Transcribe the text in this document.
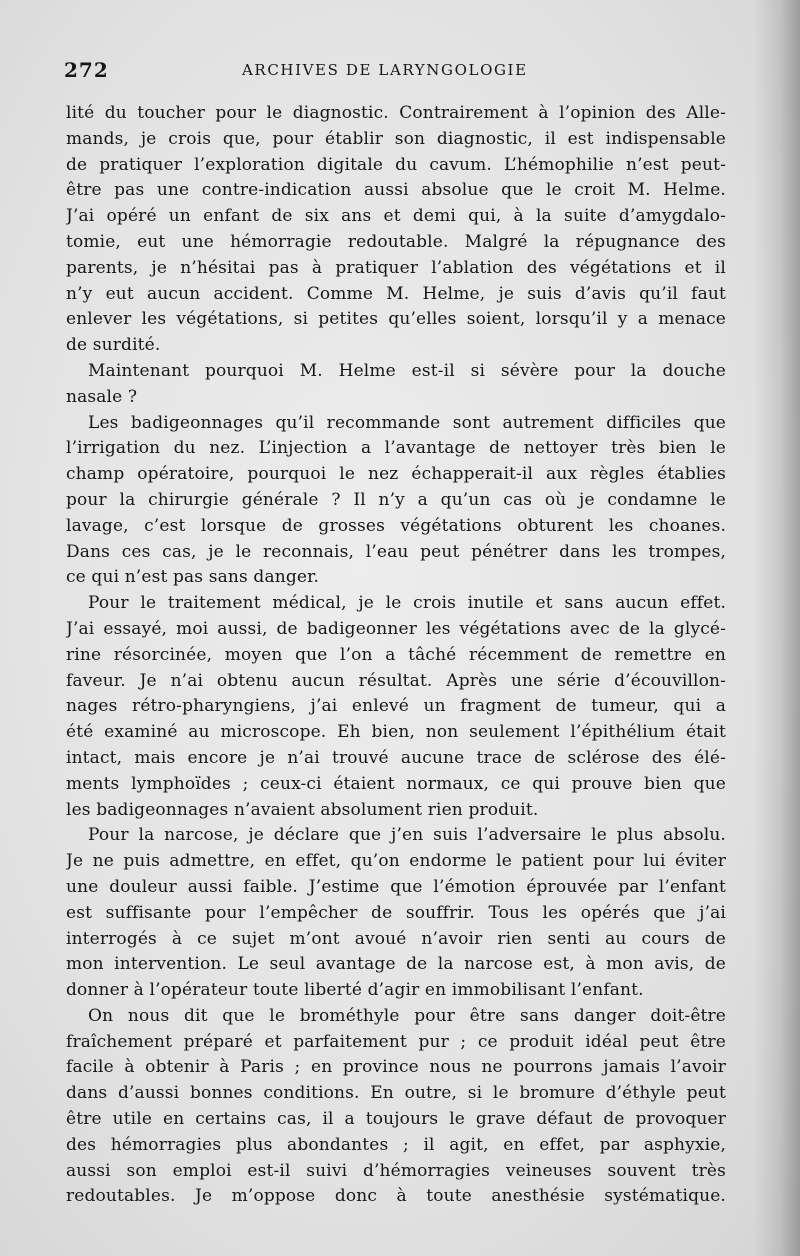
272	ARCHIVES DE LARYNGOLOGIE
lité du toucher pour le diagnostic. Contrairement à l’opinion des Alle-
mands, je crois que, pour établir son diagnostic, il est indispensable
de pratiquer l’exploration digitale du cavum. L’hémophilie n’est peut-
être pas une contre-indication aussi absolue que le croit M. Helme.
J’ai opéré un enfant de six ans et demi qui, à la suite d’amygdalo-
tomie, eut une hémorragie redoutable. Malgré la répugnance des
parents, je n’hésitai pas à pratiquer l’ablation des végétations et il
n’y eut aucun accident. Comme M. Helme, je suis d’avis qu’il faut
enlever les végétations, si petites qu’elles soient, lorsqu’il y a menace
de surdité.
Maintenant pourquoi M. Helme est-il si sévère pour la douche
nasale ?
Les badigeonnages qu’il recommande sont autrement difficiles que
l’irrigation du nez. L’injection a l’avantage de nettoyer très bien le
champ opératoire, pourquoi le nez échapperait-il aux règles établies
pour la chirurgie générale ? Il n’y a qu’un cas où je condamne le
lavage, c’est lorsque de grosses végétations obturent les choanes.
Dans ces cas, je le reconnais, l’eau peut pénétrer dans les trompes,
ce qui n’est pas sans danger.
Pour le traitement médical, je le crois inutile et sans aucun effet.
J’ai essayé, moi aussi, de badigeonner les végétations avec de la glycé-
rine résorcinée, moyen que l’on a tâché récemment de remettre en
faveur. Je n’ai obtenu aucun résultat. Après une série d’écouvillon-
nages rétro-pharyngiens, j’ai enlevé un fragment de tumeur, qui a
été examiné au microscope. Eh bien, non seulement l’épithélium était
intact, mais encore je n’ai trouvé aucune trace de sclérose des élé-
ments lymphoïdes ; ceux-ci étaient normaux, ce qui prouve bien que
les badigeonnages n’avaient absolument rien produit.
Pour la narcose, je déclare que j’en suis l’adversaire le plus absolu.
Je ne puis admettre, en effet, qu’on endorme le patient pour lui éviter
une douleur aussi faible. J’estime que l’émotion éprouvée par l’enfant
est suffisante pour l’empêcher de souffrir. Tous les opérés que j’ai
interrogés à ce sujet m’ont avoué n’avoir rien senti au cours de
mon intervention. Le seul avantage de la narcose est, à mon avis, de
donner à l’opérateur toute liberté d’agir en immobilisant l’enfant.
On nous dit que le brométhyle pour être sans danger doit-être
fraîchement préparé et parfaitement pur ; ce produit idéal peut être
facile à obtenir à Paris ; en province nous ne pourrons jamais l’avoir
dans d’aussi bonnes conditions. En outre, si le bromure d’éthyle peut
être utile en certains cas, il a toujours le grave défaut de provoquer
des hémorragies plus abondantes ; il agit, en effet, par asphyxie,
aussi son emploi est-il suivi d’hémorragies veineuses souvent très
redoutables. Je m’oppose donc à toute anesthésie systématique.
